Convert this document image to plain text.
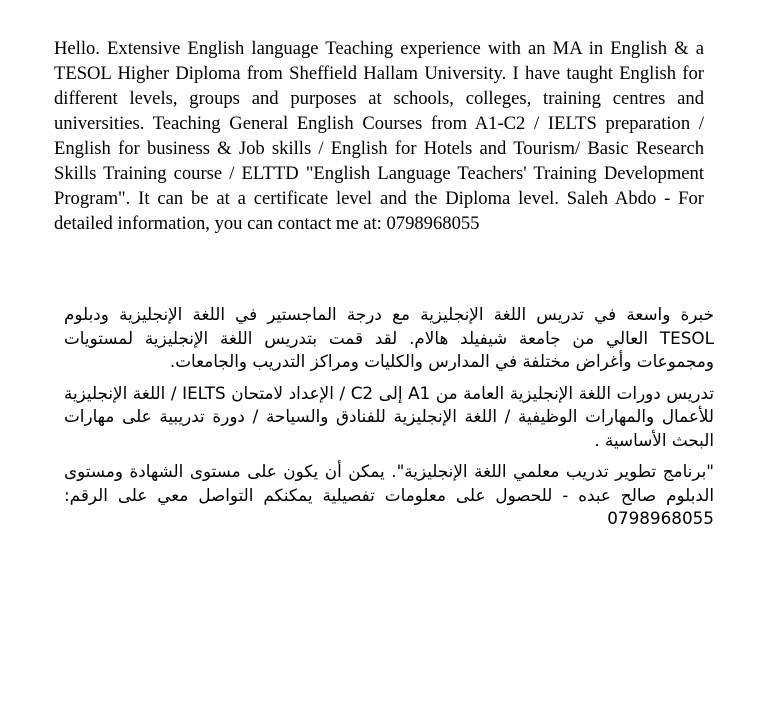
Hello. Extensive English language Teaching experience with an MA in English & a TESOL Higher Diploma from Sheffield Hallam University. I have taught English for different levels, groups and purposes at schools, colleges, training centres and universities. Teaching General English Courses from A1-C2 / IELTS preparation / English for business & Job skills / English for Hotels and Tourism/ Basic Research Skills Training course / ELTTD "English Language Teachers' Training Development Program". It can be at a certificate level and the Diploma level. Saleh Abdo - For detailed information, you can contact me at: 0798968055

خبرة واسعة في تدريس اللغة الإنجليزية مع درجة الماجستير في اللغة الإنجليزية ودبلوم TESOL العالي من جامعة شيفيلد هالام. لقد قمت بتدريس اللغة الإنجليزية لمستويات ومجموعات وأغراض مختلفة في المدارس والكليات ومراكز التدريب والجامعات.

تدريس دورات اللغة الإنجليزية العامة من A1 إلى C2 / الإعداد لامتحان IELTS / اللغة الإنجليزية للأعمال والمهارات الوظيفية / اللغة الإنجليزية للفنادق والسياحة / دورة تدريبية على مهارات البحث الأساسية .

"برنامج تطوير تدريب معلمي اللغة الإنجليزية". يمكن أن يكون على مستوى الشهادة ومستوى الدبلوم صالح عبده - للحصول على معلومات تفصيلية يمكنكم التواصل معي على الرقم: 0798968055
